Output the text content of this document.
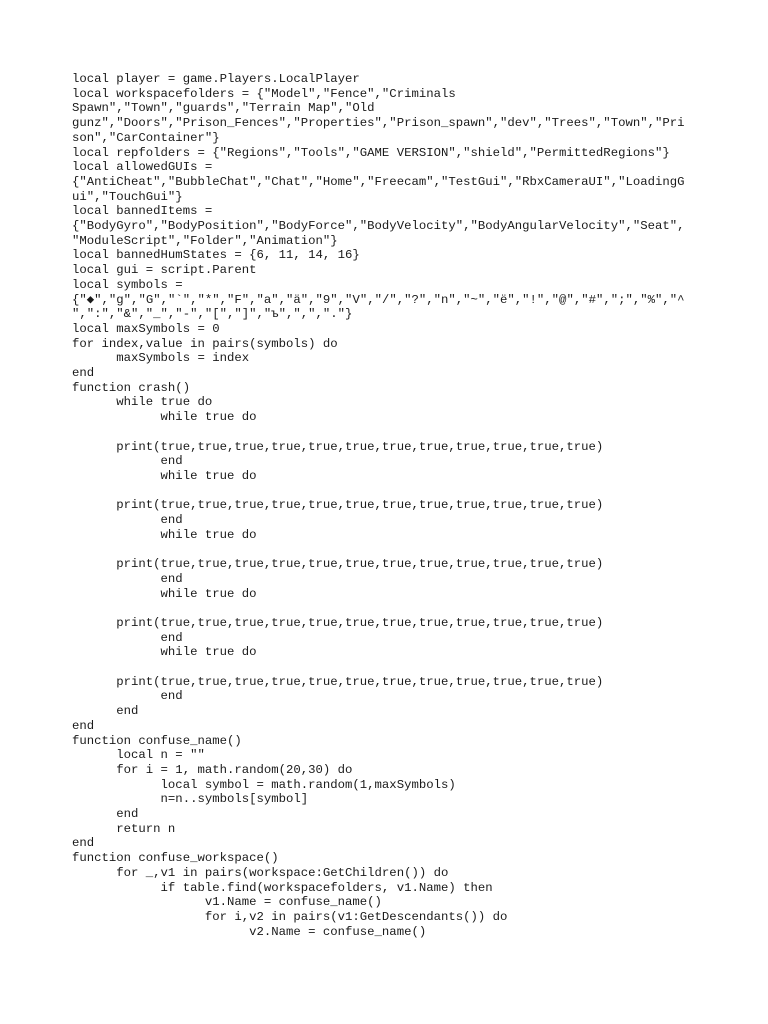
local player = game.Players.LocalPlayer
local workspacefolders = {"Model","Fence","Criminals
Spawn","Town","guards","Terrain Map","Old
gunz","Doors","Prison_Fences","Properties","Prison_spawn","dev","Trees","Town","Pri
son","CarContainer"}
local repfolders = {"Regions","Tools","GAME VERSION","shield","PermittedRegions"}
local allowedGUIs =
{"AntiCheat","BubbleChat","Chat","Home","Freecam","TestGui","RbxCameraUI","LoadingG
ui","TouchGui"}
local bannedItems =
{"BodyGyro","BodyPosition","BodyForce","BodyVelocity","BodyAngularVelocity","Seat",
"ModuleScript","Folder","Animation"}
local bannedHumStates = {6, 11, 14, 16}
local gui = script.Parent
local symbols =
{"◆","g","G","`","*","F","a","ä","9","V","/","?","n","~","ë","!","@","#",";","%","^
",":","&","_","-","[","]","ъ",",","."}
local maxSymbols = 0
for index,value in pairs(symbols) do
maxSymbols = index
end
function crash()
while true do
while true do
print(true,true,true,true,true,true,true,true,true,true,true,true)
end
while true do
print(true,true,true,true,true,true,true,true,true,true,true,true)
end
while true do
print(true,true,true,true,true,true,true,true,true,true,true,true)
end
while true do
print(true,true,true,true,true,true,true,true,true,true,true,true)
end
while true do
print(true,true,true,true,true,true,true,true,true,true,true,true)
end
end
end
function confuse_name()
local n = ""
for i = 1, math.random(20,30) do
local symbol = math.random(1,maxSymbols)
n=n..symbols[symbol]
end
return n
end
function confuse_workspace()
for _,v1 in pairs(workspace:GetChildren()) do
if table.find(workspacefolders, v1.Name) then
v1.Name = confuse_name()
for i,v2 in pairs(v1:GetDescendants()) do
v2.Name = confuse_name()
